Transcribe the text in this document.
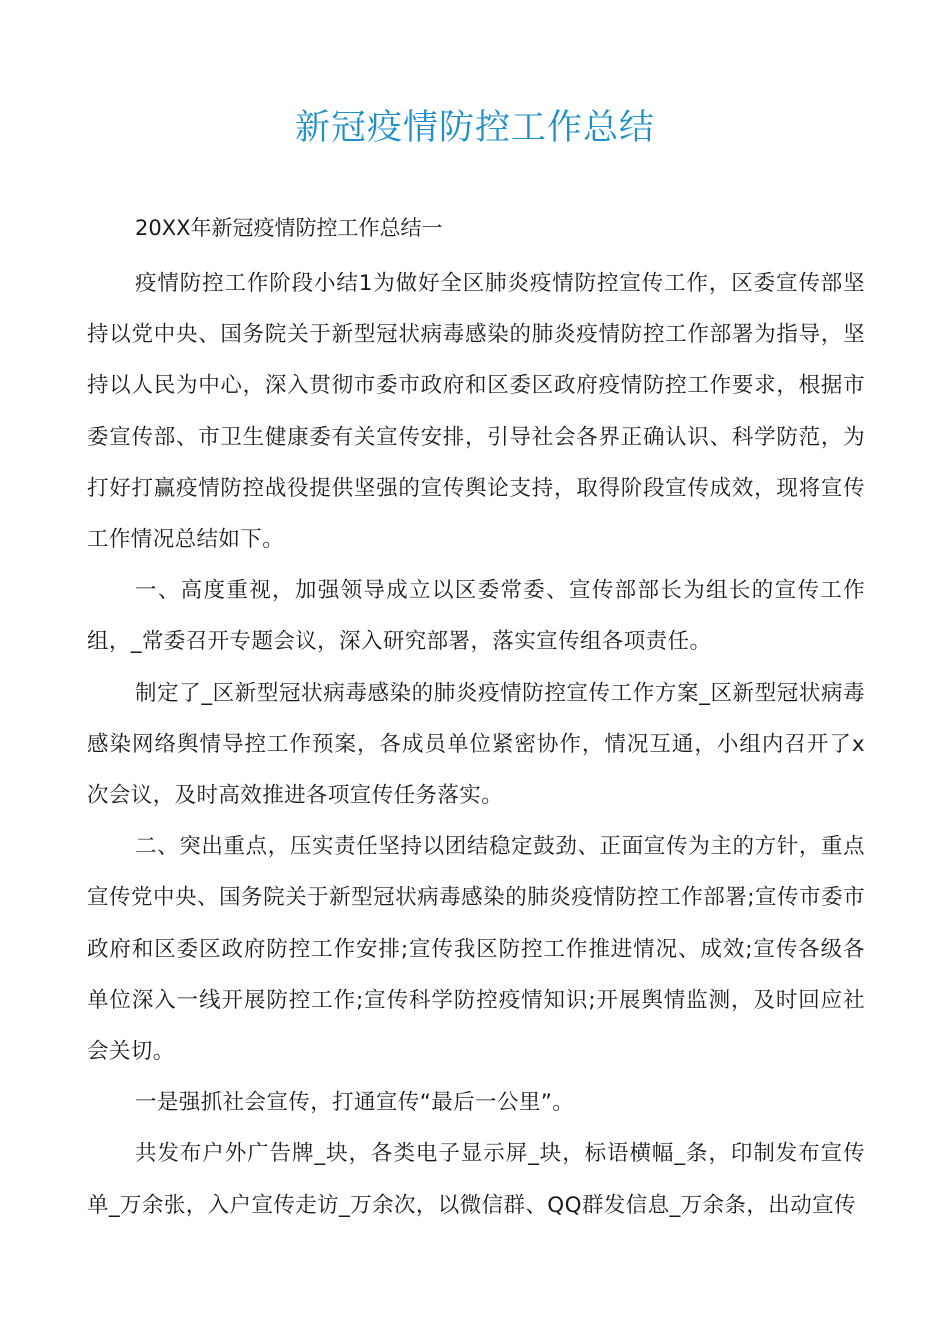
新冠疫情防控工作总结

20XX年新冠疫情防控工作总结一

疫情防控工作阶段小结1为做好全区肺炎疫情防控宣传工作，区委宣传部坚持以党中央、国务院关于新型冠状病毒感染的肺炎疫情防控工作部署为指导，坚持以人民为中心，深入贯彻市委市政府和区委区政府疫情防控工作要求，根据市委宣传部、市卫生健康委有关宣传安排，引导社会各界正确认识、科学防范，为打好打赢疫情防控战役提供坚强的宣传舆论支持，取得阶段宣传成效，现将宣传工作情况总结如下。

一、高度重视，加强领导成立以区委常委、宣传部部长为组长的宣传工作组，_常委召开专题会议，深入研究部署，落实宣传组各项责任。

制定了_区新型冠状病毒感染的肺炎疫情防控宣传工作方案_区新型冠状病毒感染网络舆情导控工作预案，各成员单位紧密协作，情况互通，小组内召开了x次会议，及时高效推进各项宣传任务落实。

二、突出重点，压实责任坚持以团结稳定鼓劲、正面宣传为主的方针，重点宣传党中央、国务院关于新型冠状病毒感染的肺炎疫情防控工作部署;宣传市委市政府和区委区政府防控工作安排;宣传我区防控工作推进情况、成效;宣传各级各单位深入一线开展防控工作;宣传科学防控疫情知识;开展舆情监测，及时回应社会关切。

一是强抓社会宣传，打通宣传“最后一公里”。

共发布户外广告牌_块，各类电子显示屏_块，标语横幅_条，印制发布宣传单_万余张，入户宣传走访_万余次，以微信群、QQ群发信息_万余条，出动宣传
